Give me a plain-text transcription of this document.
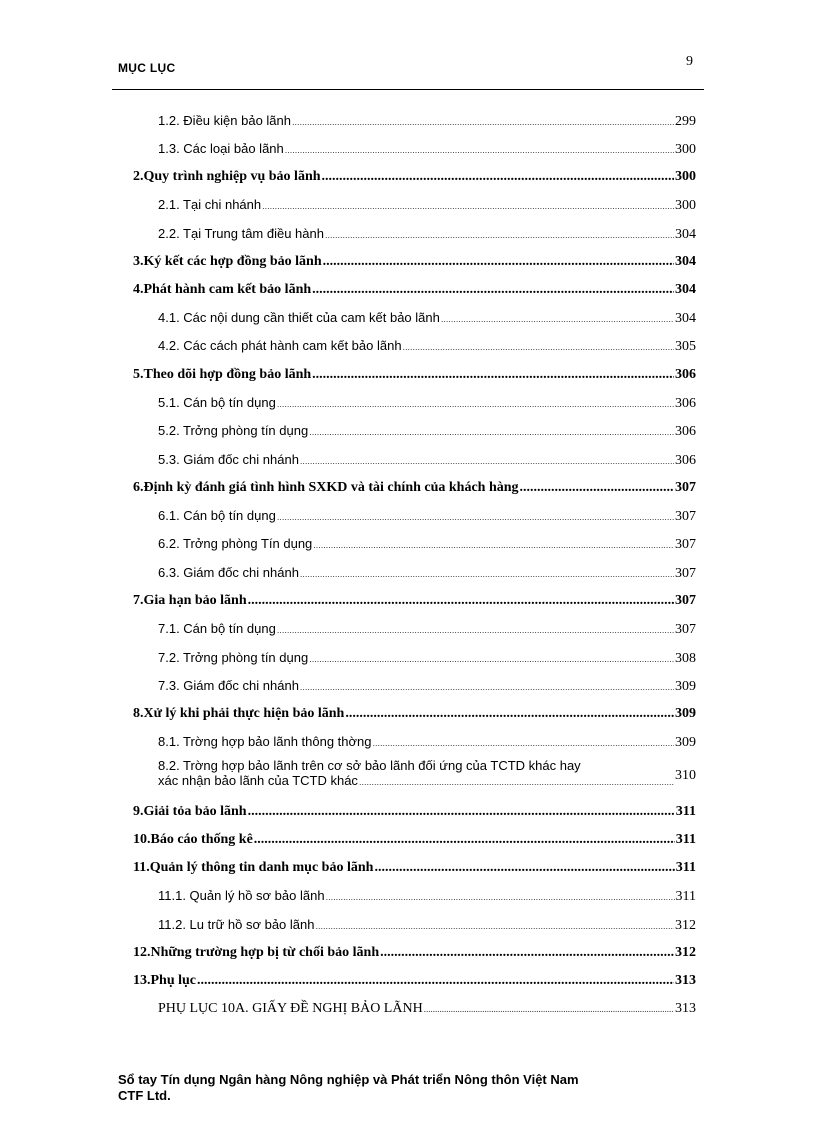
MỤC LỤC	9
1.2. Điều kiện bảo lãnh .....	299
1.3. Các loại bảo lãnh .....	300
2. Quy trình nghiệp vụ bảo lãnh .....	300
2.1. Tại chi nhánh .....	300
2.2. Tại Trung tâm điều hành .....	304
3. Ký kết các hợp đồng bảo lãnh .....	304
4. Phát hành cam kết bảo lãnh .....	304
4.1. Các nội dung cần thiết của cam kết bảo lãnh .....	304
4.2. Các cách phát hành cam kết bảo lãnh .....	305
5. Theo dõi hợp đồng bảo lãnh .....	306
5.1. Cán bộ tín dụng .....	306
5.2. Trởng phòng tín dụng .....	306
5.3. Giám đốc chi nhánh .....	306
6. Định kỳ đánh giá tình hình SXKD và tài chính của khách hàng .....	307
6.1. Cán bộ tín dụng .....	307
6.2. Trởng phòng Tín dụng .....	307
6.3. Giám đốc chi nhánh .....	307
7. Gia hạn bảo lãnh .....	307
7.1. Cán bộ tín dụng .....	307
7.2. Trởng phòng tín dụng .....	308
7.3. Giám đốc chi nhánh .....	309
8. Xử lý khi phải thực hiện bảo lãnh .....	309
8.1. Trờng hợp bảo lãnh thông thờng .....	309
8.2. Trờng hợp bảo lãnh trên cơ sở bảo lãnh đối ứng của TCTD khác hay
xác nhận bảo lãnh của TCTD khác .....	310
9. Giải tỏa bảo lãnh .....	311
10. Báo cáo thống kê .....	311
11. Quản lý thông tin danh mục bảo lãnh .....	311
11.1. Quản lý hồ sơ bảo lãnh .....	311
11.2. Lu trữ hồ sơ bảo lãnh .....	312
12. Những trường hợp bị từ chối bảo lãnh .....	312
13. Phụ lục .....	313
PHỤ LỤC 10A. GIẤY ĐỀ NGHỊ BẢO LÃNH .....	313
Sổ tay Tín dụng Ngân hàng Nông nghiệp và Phát triển Nông thôn Việt Nam
CTF Ltd.
